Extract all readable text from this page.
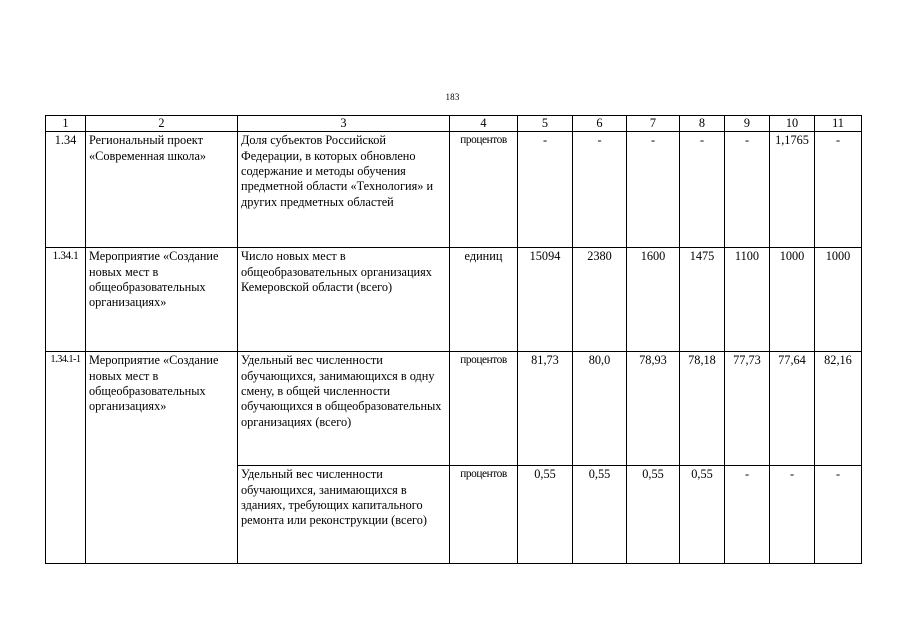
183
1	2	3	4	5	6	7	8	9	10	11
1.34	Региональный проект «Современная школа»	Доля субъектов Российской Федерации, в которых обновлено содержание и методы обучения предметной области «Технология» и других предметных областей	процентов	-	-	-	-	-	1,1765	-
1.34.1	Мероприятие «Создание новых мест в общеобразовательных организациях»	Число новых мест в общеобразовательных организациях Кемеровской области (всего)	единиц	15094	2380	1600	1475	1100	1000	1000
1.34.1-1	Мероприятие «Создание новых мест в общеобразовательных организациях»	Удельный вес численности обучающихся, занимающихся в одну смену, в общей численности обучающихся в общеобразовательных организациях (всего)	процентов	81,73	80,0	78,93	78,18	77,73	77,64	82,16
		Удельный вес численности обучающихся, занимающихся в зданиях, требующих капитального ремонта или реконструкции (всего)	процентов	0,55	0,55	0,55	0,55	-	-	-
